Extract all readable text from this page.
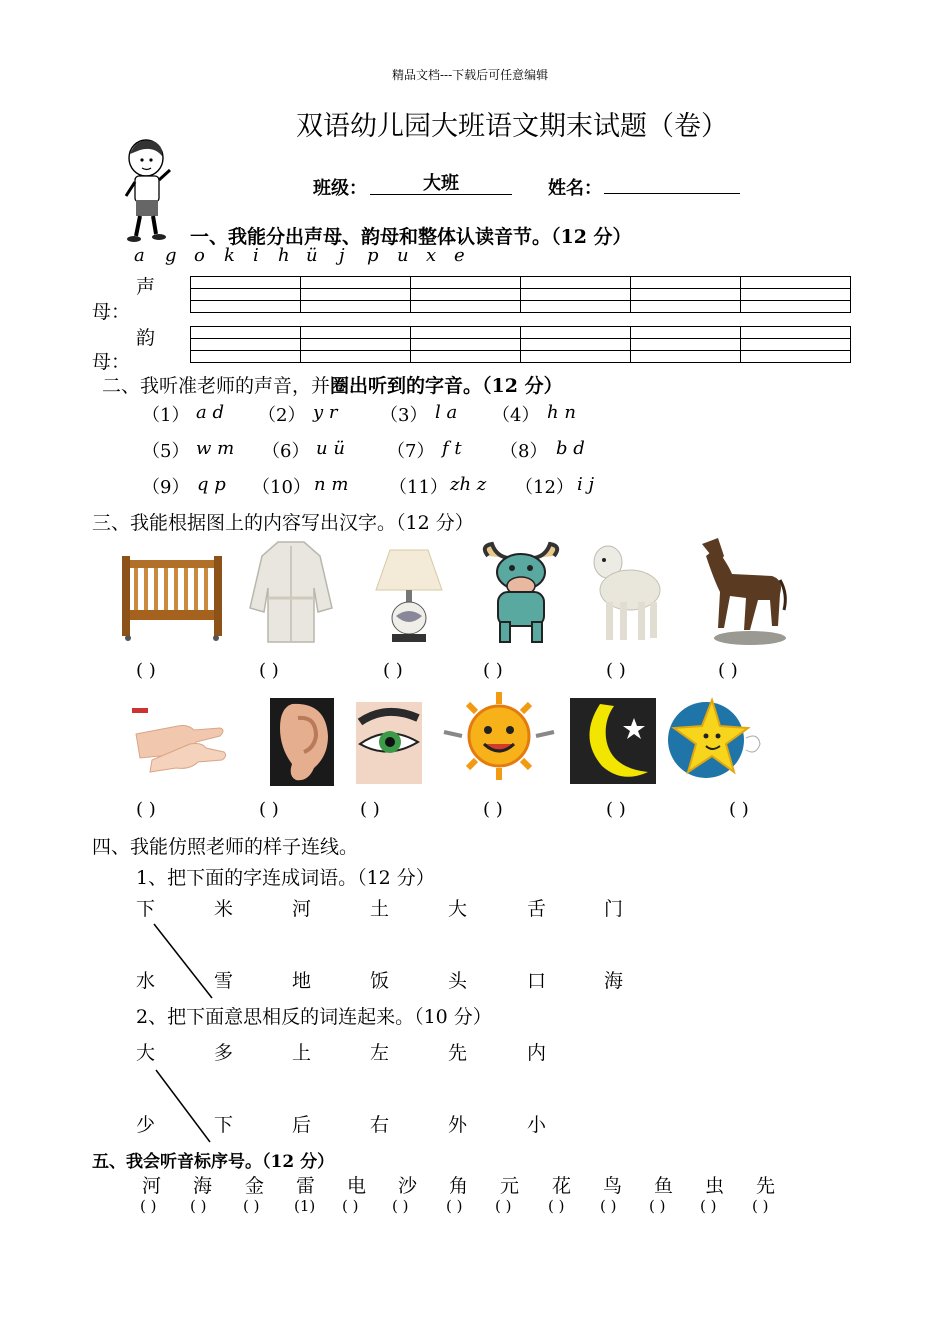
精品文档---下载后可任意编辑
双语幼儿园大班语文期末试题（卷）
班级：	大班	姓名：
一、我能分出声母、韵母和整体认读音节。（12 分）
a g o k i h ü j p u x e
声
母：

韵
母：

二、我听准老师的声音，并圈出听到的字音。（12 分）
（1） a d （2） y r （3） l a （4） h n
（5） w m （6） u ü （7） f t （8） b d
（9） q p （10） n m （11） zh z （12） i j
三、我能根据图上的内容写出汉字。（12 分）
( )	( )	( )	( )	( )	( )
( )	( )	( )	( )	( )	( )
四、我能仿照老师的样子连线。
1、把下面的字连成词语。（12 分）
下	米	河	土	大	舌	门
水	雪	地	饭	头	口	海
2、把下面意思相反的词连起来。（10 分）
大	多	上	左	先	内
少	下	后	右	外	小
五、我会听音标序号。（12 分）
河 海 金 雷 电 沙 角 元 花 鸟 鱼 虫 先
( ) ( ) ( ) (1) ( ) ( )	( ) ( ) ( ) ( ) ( ) ( ) ( )
